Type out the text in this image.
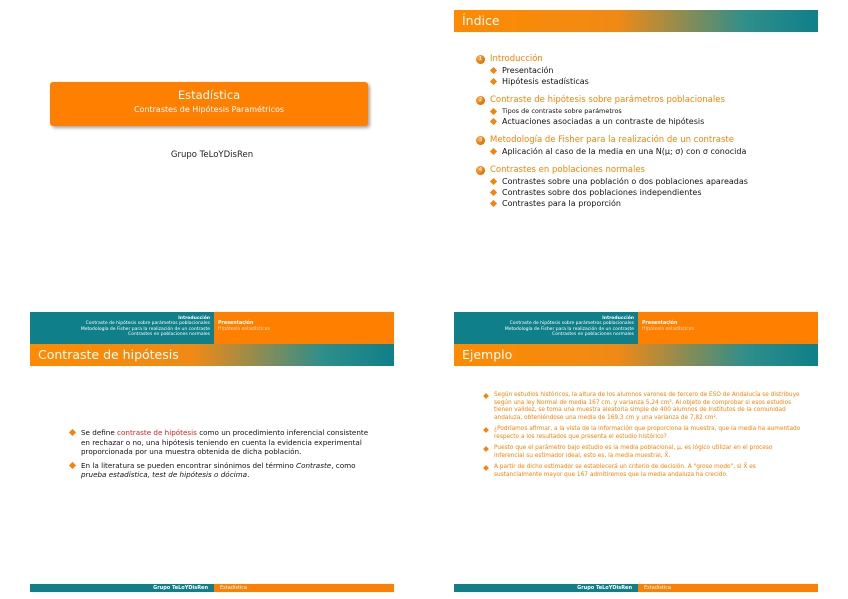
Estadística
Contrastes de Hipótesis Paramétricos
Grupo TeLoYDisRen
Índice
1 Introducción
Presentación
Hipótesis estadísticas
2 Contraste de hipótesis sobre parámetros poblacionales
Tipos de contraste sobre parámetros
Actuaciones asociadas a un contraste de hipótesis
3 Metodología de Fisher para la realización de un contraste
Aplicación al caso de la media en una N(μ; σ) con σ conocida
4 Contrastes en poblaciones normales
Contrastes sobre una población o dos poblaciones apareadas
Contrastes sobre dos poblaciones independientes
Contrastes para la proporción
Introducción
Contraste de hipótesis sobre parámetros poblacionales
Metodología de Fisher para la realización de un contraste
Contrastes en poblaciones normales
Presentación
Hipótesis estadísticas
Contraste de hipótesis
Se define contraste de hipótesis como un procedimiento inferencial consistente en rechazar o no, una hipótesis teniendo en cuenta la evidencia experimental proporcionada por una muestra obtenida de dicha población.
En la literatura se pueden encontrar sinónimos del término Contraste, como prueba estadística, test de hipótesis o dócima.
Grupo TeLoYDisRen	Estadística
Introducción
Contraste de hipótesis sobre parámetros poblacionales
Metodología de Fisher para la realización de un contraste
Contrastes en poblaciones normales
Presentación
Hipótesis estadísticas
Ejemplo
Según estudios históricos, la altura de los alumnos varones de tercero de ESO de Andalucía se distribuye según una ley Normal de media 167 cm. y varianza 5,24 cm². Al objeto de comprobar si esos estudios tienen validez, se toma una muestra aleatoria simple de 400 alumnos de Institutos de la comunidad andaluza, obteniéndose una media de 169,3 cm y una varianza de 7,82 cm².
¿Podríamos afirmar, a la vista de la información que proporciona la muestra, que la media ha aumentado respecto a los resultados que presenta el estudio histórico?
Puesto que el parámetro bajo estudio es la media poblacional, μ, es lógico utilizar en el proceso inferencial su estimador ideal, esto es, la media muestral, X̄.
A partir de dicho estimador se establecerá un criterio de decisión. A "groso modo", si X̄ es sustancialmente mayor que 167 admitiremos que la media andaluza ha crecido.
Grupo TeLoYDisRen	Estadística
